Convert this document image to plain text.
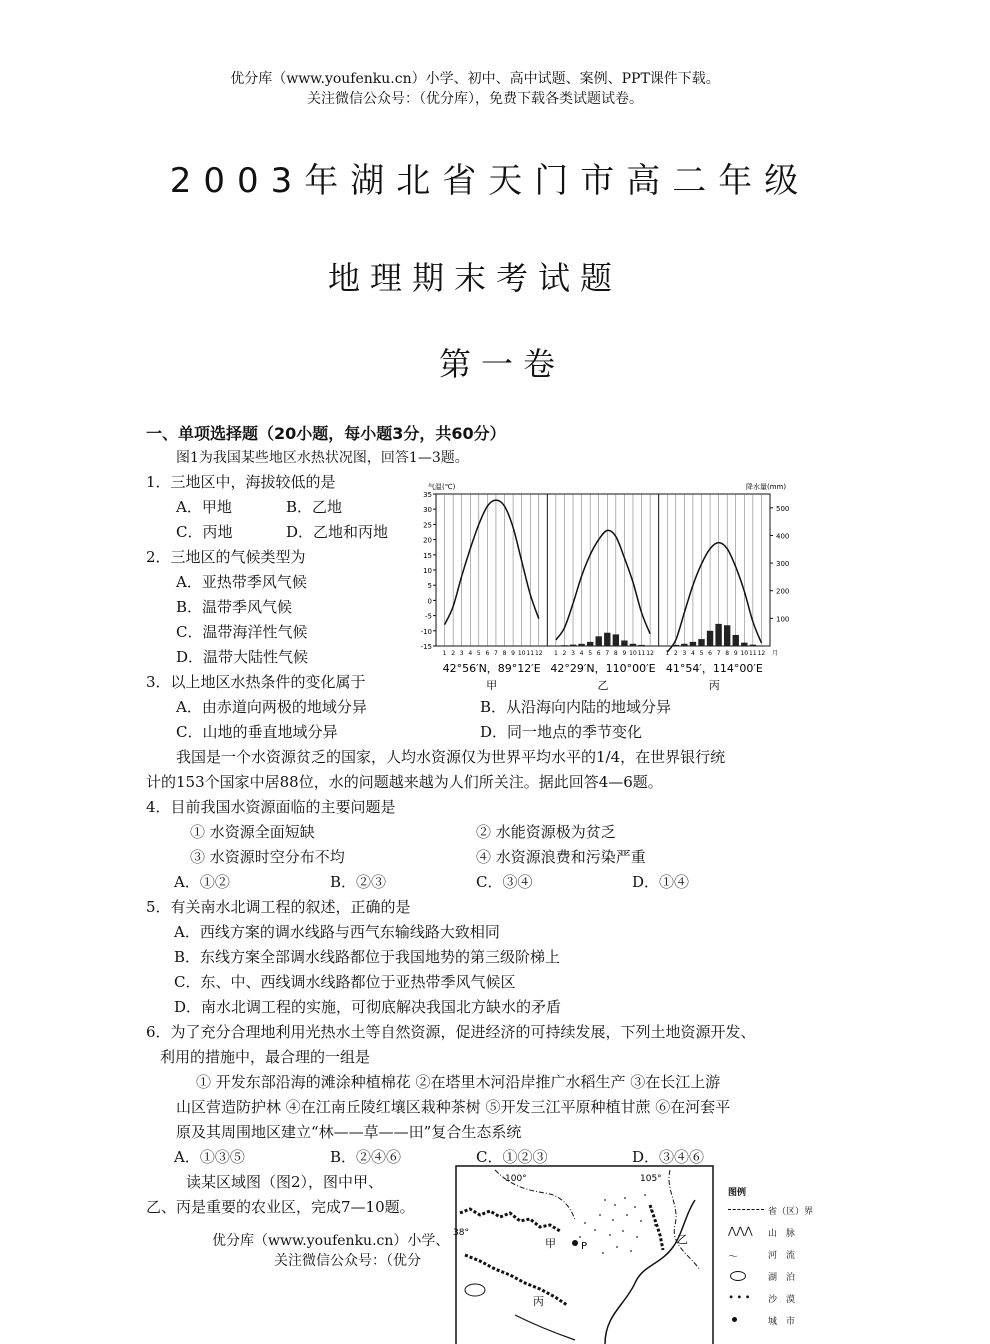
优分库（www.youfenku.cn）小学、初中、高中试题、案例、PPT课件下载。
关注微信公众号：（优分库），免费下载各类试题试卷。
2003年湖北省天门市高二年级
地理期末考试题
第一卷
一、单项选择题（20小题，每小题3分，共60分）
图1为我国某些地区水热状况图，回答1—3题。
1．三地区中，海拔较低的是
A．甲地	B．乙地
C．丙地	D．乙地和丙地
2．三地区的气候类型为
A．亚热带季风气候
B．温带季风气候
C．温带海洋性气候
D．温带大陆性气候
3．以上地区水热条件的变化属于
A．由赤道向两极的地域分异	B．从沿海向内陆的地域分异
C．山地的垂直地域分异	D．同一地点的季节变化
我国是一个水资源贫乏的国家，人均水资源仅为世界平均水平的1/4，在世界银行统
计的153个国家中居88位，水的问题越来越为人们所关注。据此回答4—6题。
4．目前我国水资源面临的主要问题是
① 水资源全面短缺	② 水能资源极为贫乏
③ 水资源时空分布不均	④ 水资源浪费和污染严重
A．①②	B．②③	C．③④	D．①④
5．有关南水北调工程的叙述，正确的是
A．西线方案的调水线路与西气东输线路大致相同
B．东线方案全部调水线路都位于我国地势的第三级阶梯上
C．东、中、西线调水线路都位于亚热带季风气候区
D．南水北调工程的实施，可彻底解决我国北方缺水的矛盾
6．为了充分合理地利用光热水土等自然资源，促进经济的可持续发展，下列土地资源开发、
利用的措施中，最合理的一组是
① 开发东部沿海的滩涂种植棉花 ②在塔里木河沿岸推广水稻生产 ③在长江上游
山区营造防护林 ④在江南丘陵红壤区栽种茶树 ⑤开发三江平原种植甘蔗 ⑥在河套平
原及其周围地区建立“林——草——田”复合生态系统
A．①③⑤	B．②④⑥	C．①②③	D．③④⑥
读某区域图（图2），图中甲、
乙、丙是重要的农业区，完成7—10题。
优分库（www.youfenku.cn）小学、
关注微信公众号：（优分
35
30
25
20
15
10
5
0
-5
-10
-15
500
400
300
200
100
气温(℃)	降水量(mm)
1 2 3 4 5 6 7 8 9 10 11 12
42°56′N，89°12′E
甲
1 2 3 4 5 6 7 8 9 10 11 12
42°29′N，110°00′E
乙
1 2 3 4 5 6 7 8 9 10 11 12
41°54′，114°00′E
丙
月
100°	105°
38°
甲	P
乙
丙
图例
省（区）界
⋀⋀⋀ 山　脉
～	河　流
湖　泊
∙∙∙ 沙　漠
城　市
